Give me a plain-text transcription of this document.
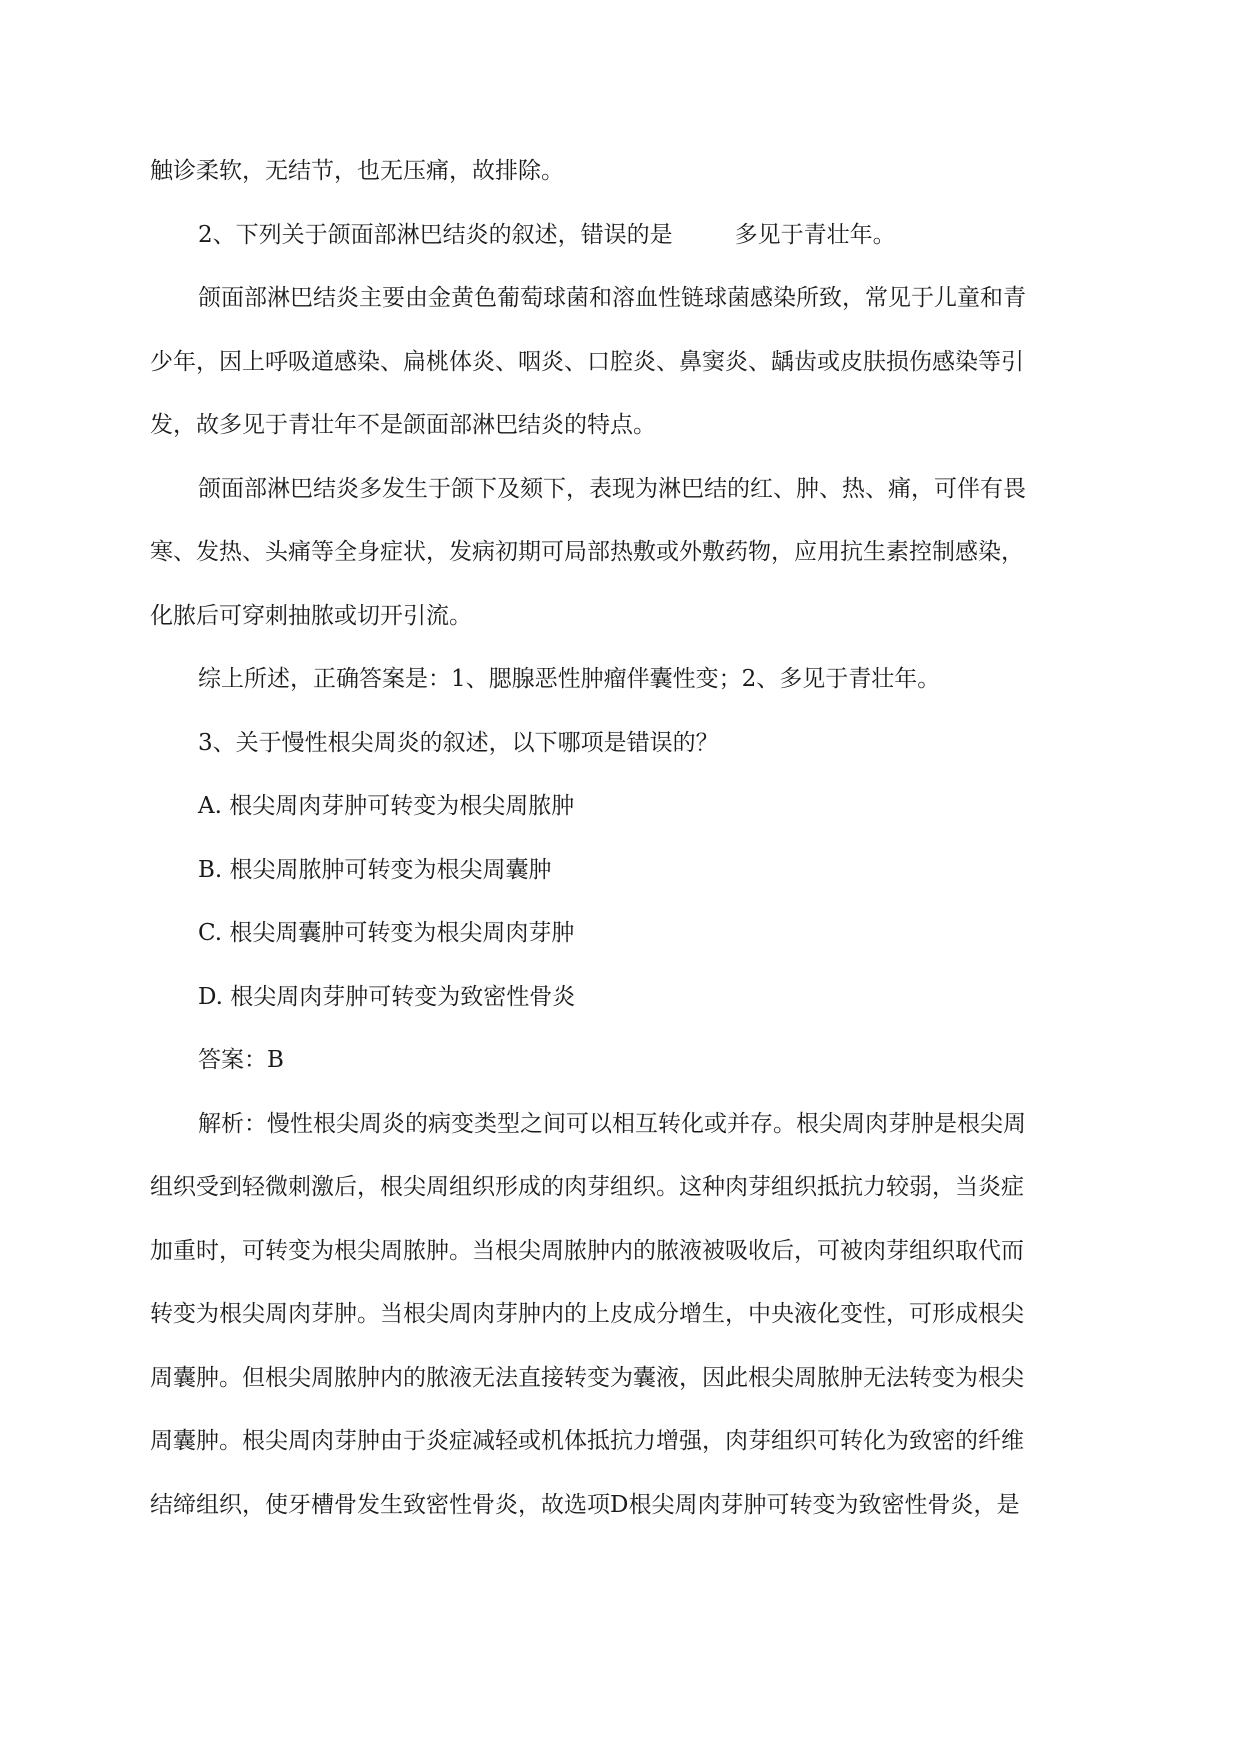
触诊柔软，无结节，也无压痛，故排除。

2、下列关于颌面部淋巴结炎的叙述，错误的是	多见于青壮年。

颌面部淋巴结炎主要由金黄色葡萄球菌和溶血性链球菌感染所致，常见于儿童和青

少年，因上呼吸道感染、扁桃体炎、咽炎、口腔炎、鼻窦炎、龋齿或皮肤损伤感染等引

发，故多见于青壮年不是颌面部淋巴结炎的特点。

颌面部淋巴结炎多发生于颌下及颏下，表现为淋巴结的红、肿、热、痛，可伴有畏

寒、发热、头痛等全身症状，发病初期可局部热敷或外敷药物，应用抗生素控制感染，

化脓后可穿刺抽脓或切开引流。

综上所述，正确答案是：1、腮腺恶性肿瘤伴囊性变；2、多见于青壮年。

3、关于慢性根尖周炎的叙述，以下哪项是错误的？

A. 根尖周肉芽肿可转变为根尖周脓肿

B. 根尖周脓肿可转变为根尖周囊肿

C. 根尖周囊肿可转变为根尖周肉芽肿

D. 根尖周肉芽肿可转变为致密性骨炎

答案：B

解析：慢性根尖周炎的病变类型之间可以相互转化或并存。根尖周肉芽肿是根尖周

组织受到轻微刺激后，根尖周组织形成的肉芽组织。这种肉芽组织抵抗力较弱，当炎症

加重时，可转变为根尖周脓肿。当根尖周脓肿内的脓液被吸收后，可被肉芽组织取代而

转变为根尖周肉芽肿。当根尖周肉芽肿内的上皮成分增生，中央液化变性，可形成根尖

周囊肿。但根尖周脓肿内的脓液无法直接转变为囊液，因此根尖周脓肿无法转变为根尖

周囊肿。根尖周肉芽肿由于炎症减轻或机体抵抗力增强，肉芽组织可转化为致密的纤维

结缔组织，使牙槽骨发生致密性骨炎，故选项D根尖周肉芽肿可转变为致密性骨炎，是
